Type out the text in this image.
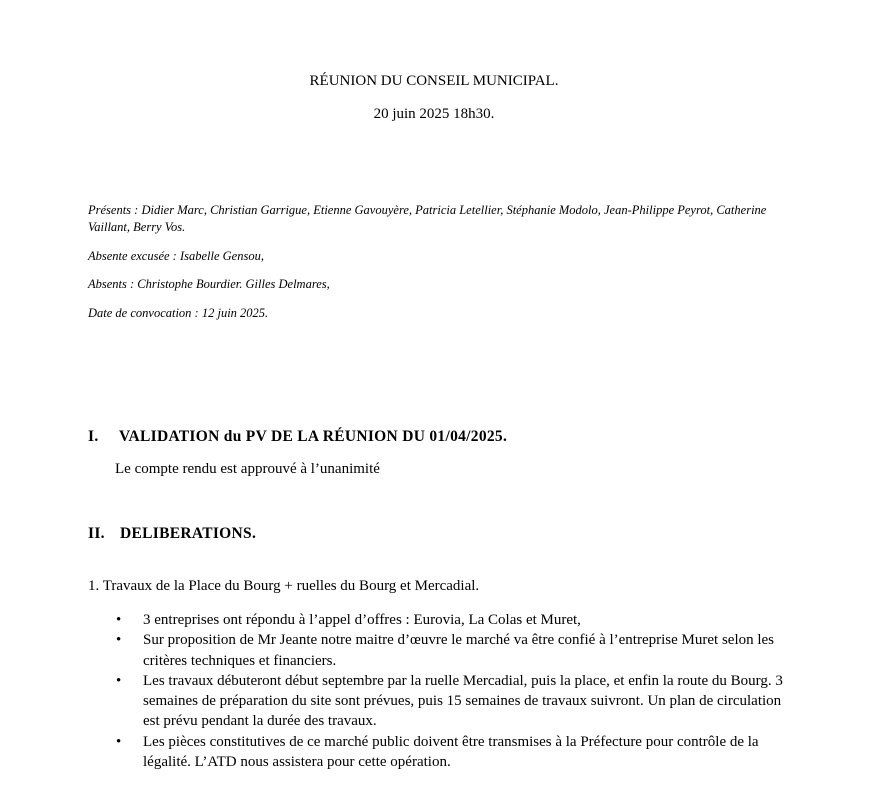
RÉUNION DU CONSEIL MUNICIPAL.
20 juin 2025 18h30.
Présents : Didier Marc, Christian Garrigue, Etienne Gavouyère, Patricia Letellier, Stéphanie Modolo, Jean-Philippe Peyrot, Catherine Vaillant, Berry Vos.
Absente excusée : Isabelle Gensou,
Absents : Christophe Bourdier. Gilles Delmares,
Date de convocation : 12 juin 2025.
I. VALIDATION du PV DE LA RÉUNION DU 01/04/2025.
Le compte rendu est approuvé à l’unanimité
II. DELIBERATIONS.
1. Travaux de la Place du Bourg + ruelles du Bourg et Mercadial.
• 3 entreprises ont répondu à l’appel d’offres : Eurovia, La Colas et Muret,
• Sur proposition de Mr Jeante notre maitre d’œuvre le marché va être confié à l’entreprise Muret selon les critères techniques et financiers.
• Les travaux débuteront début septembre par la ruelle Mercadial, puis la place, et enfin la route du Bourg. 3 semaines de préparation du site sont prévues, puis 15 semaines de travaux suivront. Un plan de circulation est prévu pendant la durée des travaux.
• Les pièces constitutives de ce marché public doivent être transmises à la Préfecture pour contrôle de la légalité. L’ATD nous assistera pour cette opération.
